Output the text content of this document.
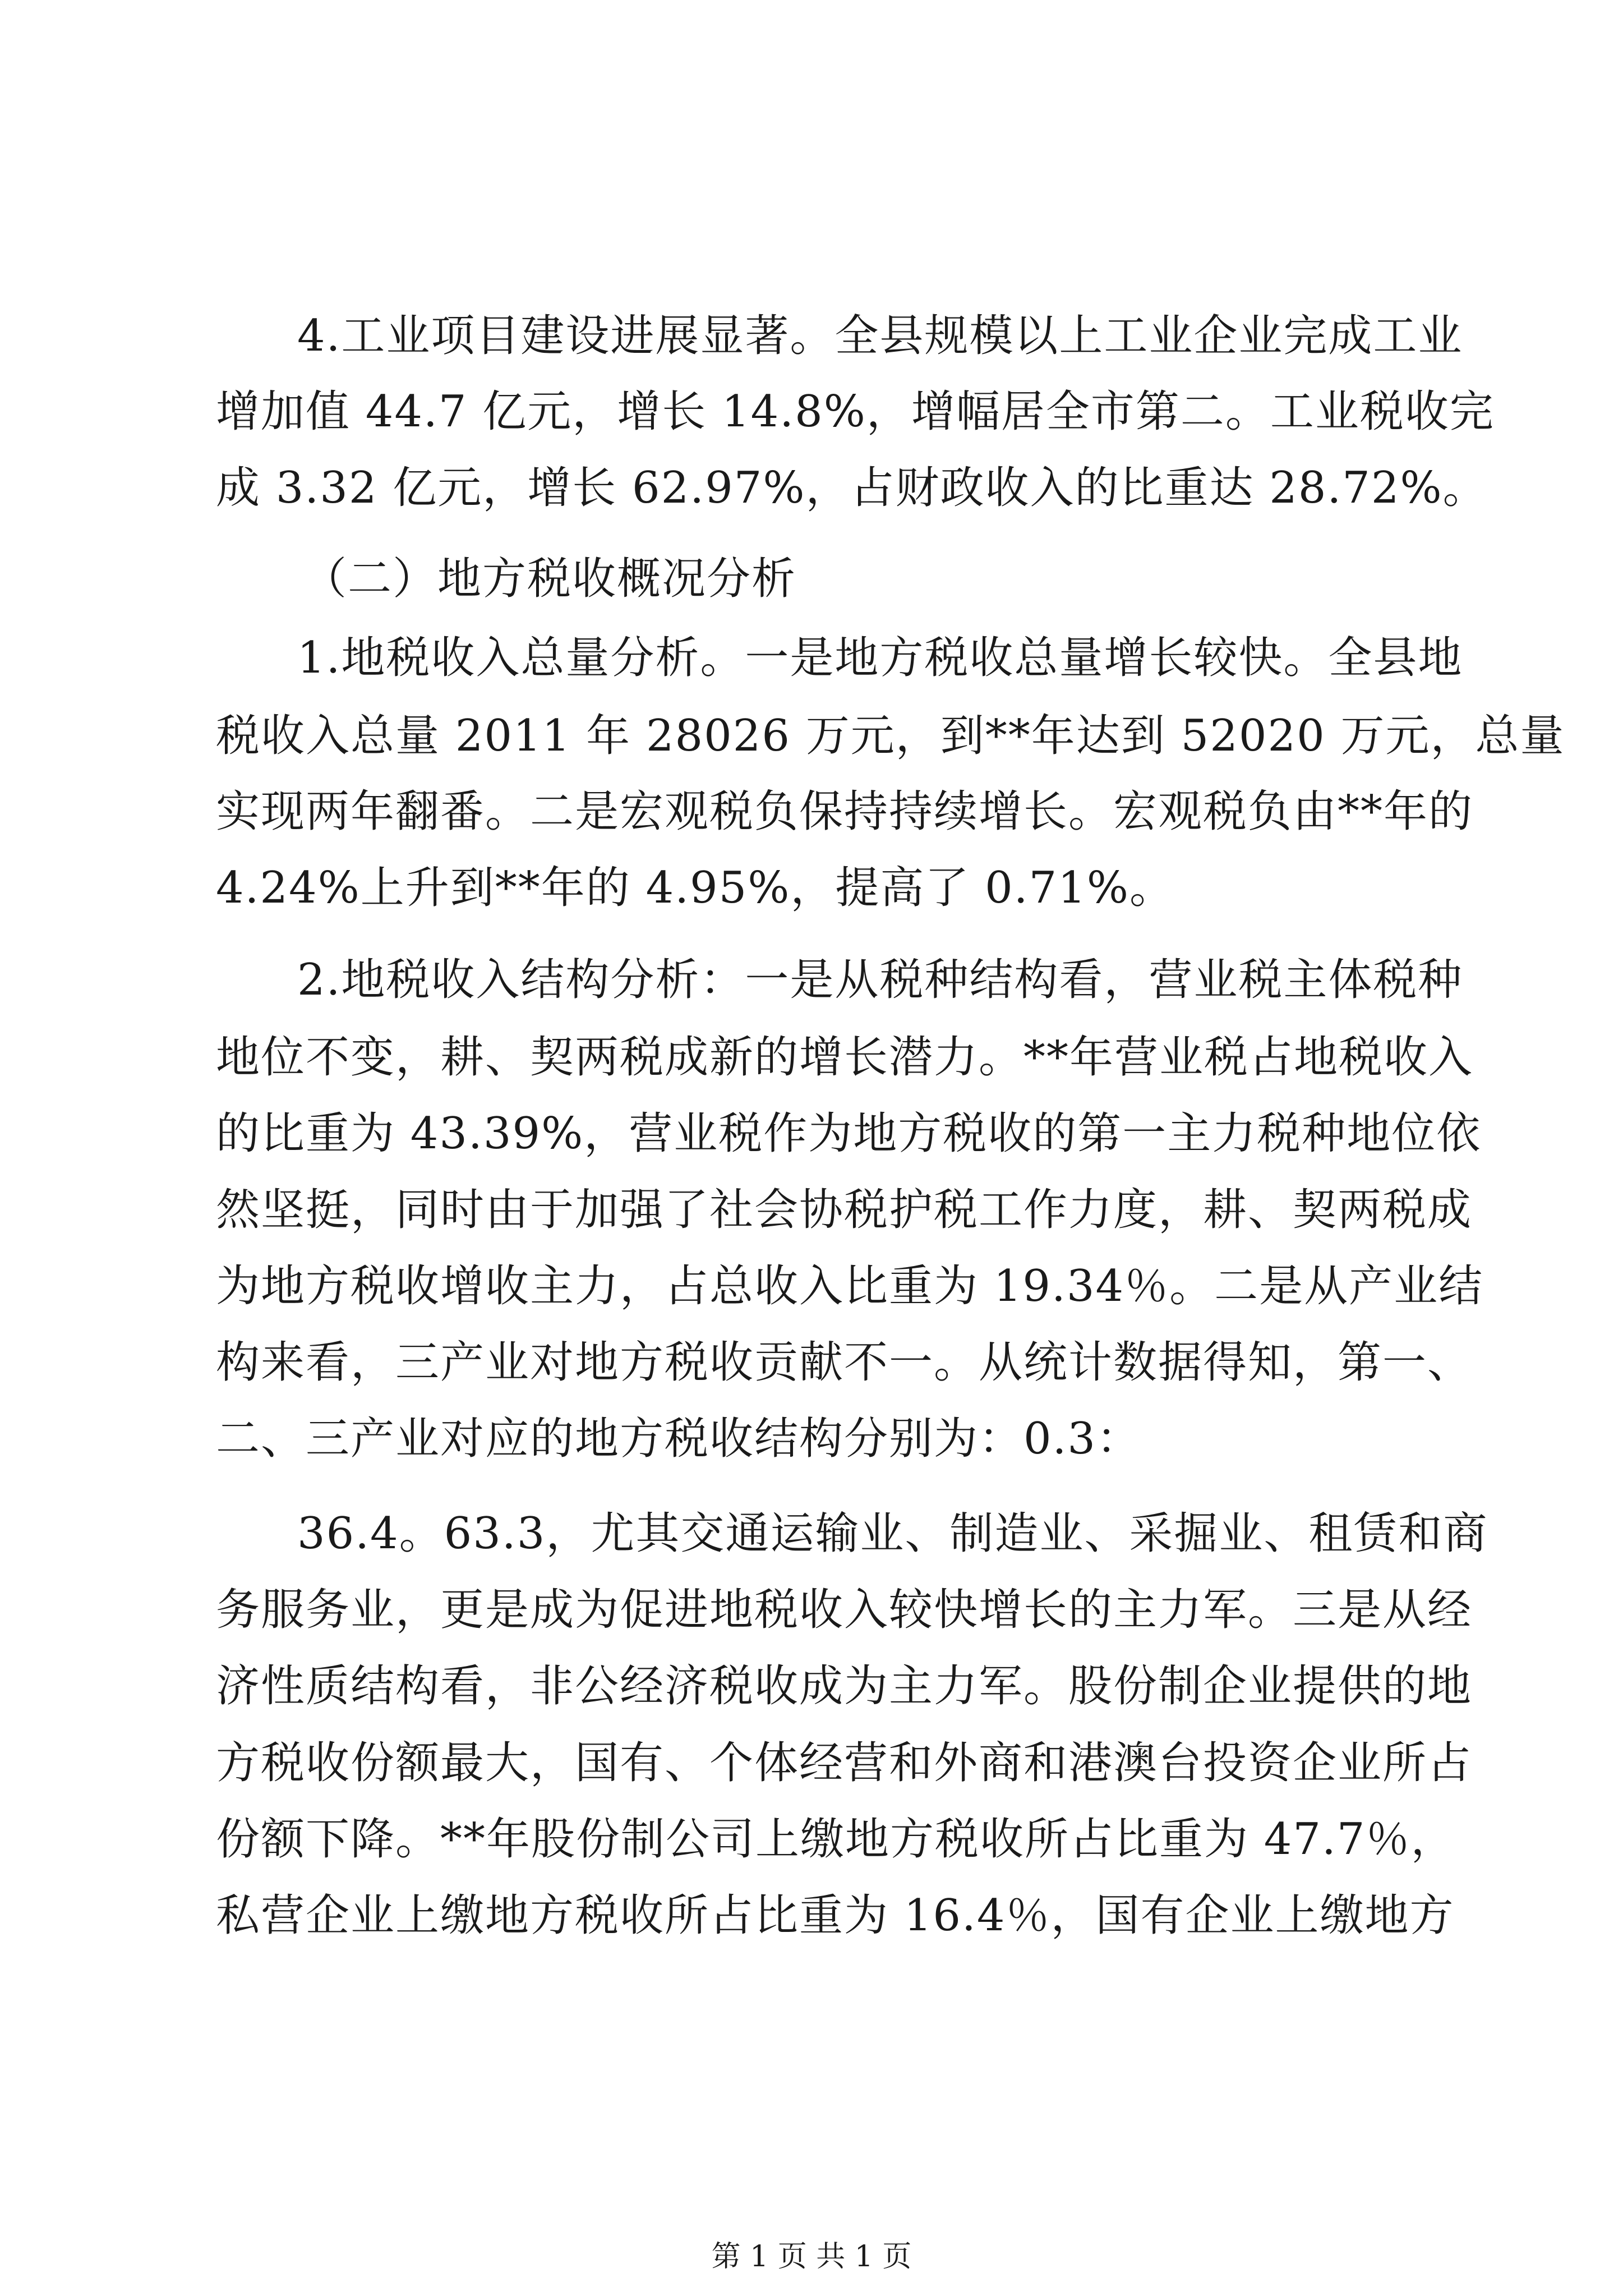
4.工业项目建设进展显著。全县规模以上工业企业完成工业
增加值 44.7 亿元，增长 14.8%，增幅居全市第二。工业税收完
成 3.32 亿元，增长 62.97%，占财政收入的比重达 28.72%。
（二）地方税收概况分析
1.地税收入总量分析。一是地方税收总量增长较快。全县地
税收入总量 2011 年 28026 万元，到**年达到 52020 万元，总量
实现两年翻番。二是宏观税负保持持续增长。宏观税负由**年的
4.24%上升到**年的 4.95%，提高了 0.71%。
2.地税收入结构分析：一是从税种结构看，营业税主体税种
地位不变，耕、契两税成新的增长潜力。**年营业税占地税收入
的比重为 43.39%，营业税作为地方税收的第一主力税种地位依
然坚挺，同时由于加强了社会协税护税工作力度，耕、契两税成
为地方税收增收主力，占总收入比重为 19.34％。二是从产业结
构来看，三产业对地方税收贡献不一。从统计数据得知，第一、
二、三产业对应的地方税收结构分别为：0.3：
36.4。63.3，尤其交通运输业、制造业、采掘业、租赁和商
务服务业，更是成为促进地税收入较快增长的主力军。三是从经
济性质结构看，非公经济税收成为主力军。股份制企业提供的地
方税收份额最大，国有、个体经营和外商和港澳台投资企业所占
份额下降。**年股份制公司上缴地方税收所占比重为 47.7％，
私营企业上缴地方税收所占比重为 16.4％，国有企业上缴地方
第 1 页 共 1 页
